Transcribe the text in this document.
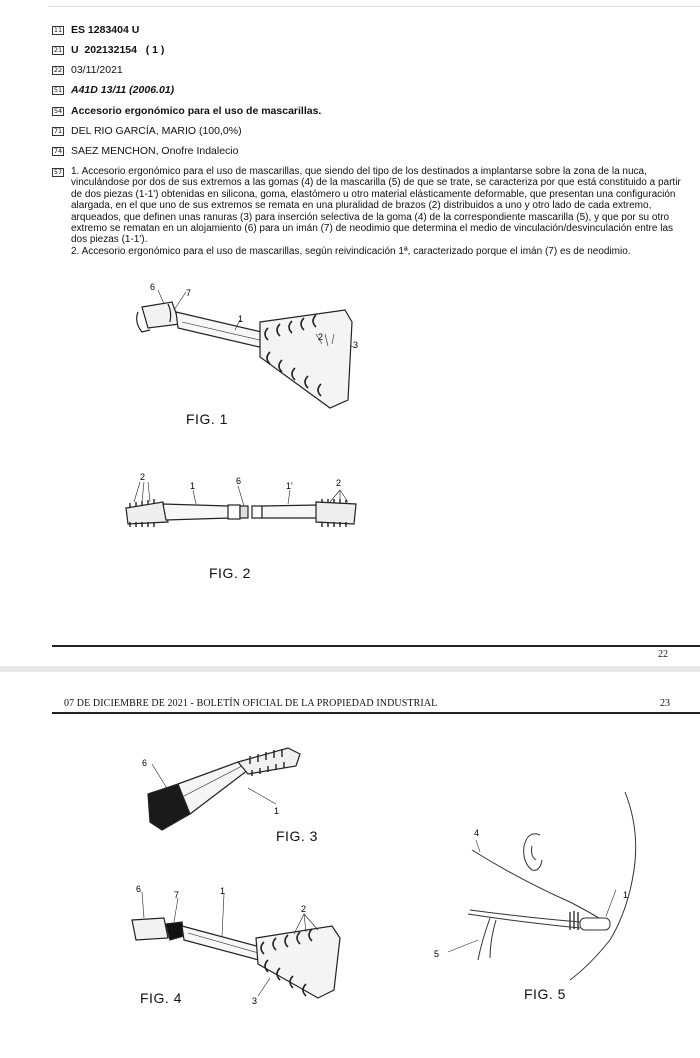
11 ES 1283404 U
21 U  202132154   ( 1 )
22 03/11/2021
51 A41D 13/11 (2006.01)
54 Accesorio ergonómico para el uso de mascarillas.
71 DEL RIO GARCÍA, MARIO (100,0%)
74 SAEZ MENCHON, Onofre Indalecio
57 1. Accesorio ergonómico para el uso de mascarillas, que siendo del tipo de los destinados a implantarse sobre la zona de la nuca, vinculándose por dos de sus extremos a las gomas (4) de la mascarilla (5) de que se trate, se caracteriza por que está constituido a partir de dos piezas (1-1') obtenidas en silicona, goma, elastómero u otro material elásticamente deformable, que presentan una configuración alargada, en el que uno de sus extremos se remata en una pluralidad de brazos (2) distribuidos a uno y otro lado de cada extremo, arqueados, que definen unas ranuras (3) para inserción selectiva de la goma (4) de la correspondiente mascarilla (5), y que por su otro extremo se rematan en un alojamiento (6) para un imán (7) de neodimio que determina el medio de vinculación/desvinculación entre las dos piezas (1-1').
2. Accesorio ergonómico para el uso de mascarillas, según reivindicación 1ª, caracterizado porque el imán (7) es de neodimio.
6
7
1
2
3
FIG. 1
2
1	6	1'	2
FIG. 2
22
07 DE DICIEMBRE DE 2021 - BOLETÍN OFICIAL DE LA PROPIEDAD INDUSTRIAL	23
6
1
FIG. 3
6
7	1
2
3
FIG. 4
4
1
5
FIG. 5
